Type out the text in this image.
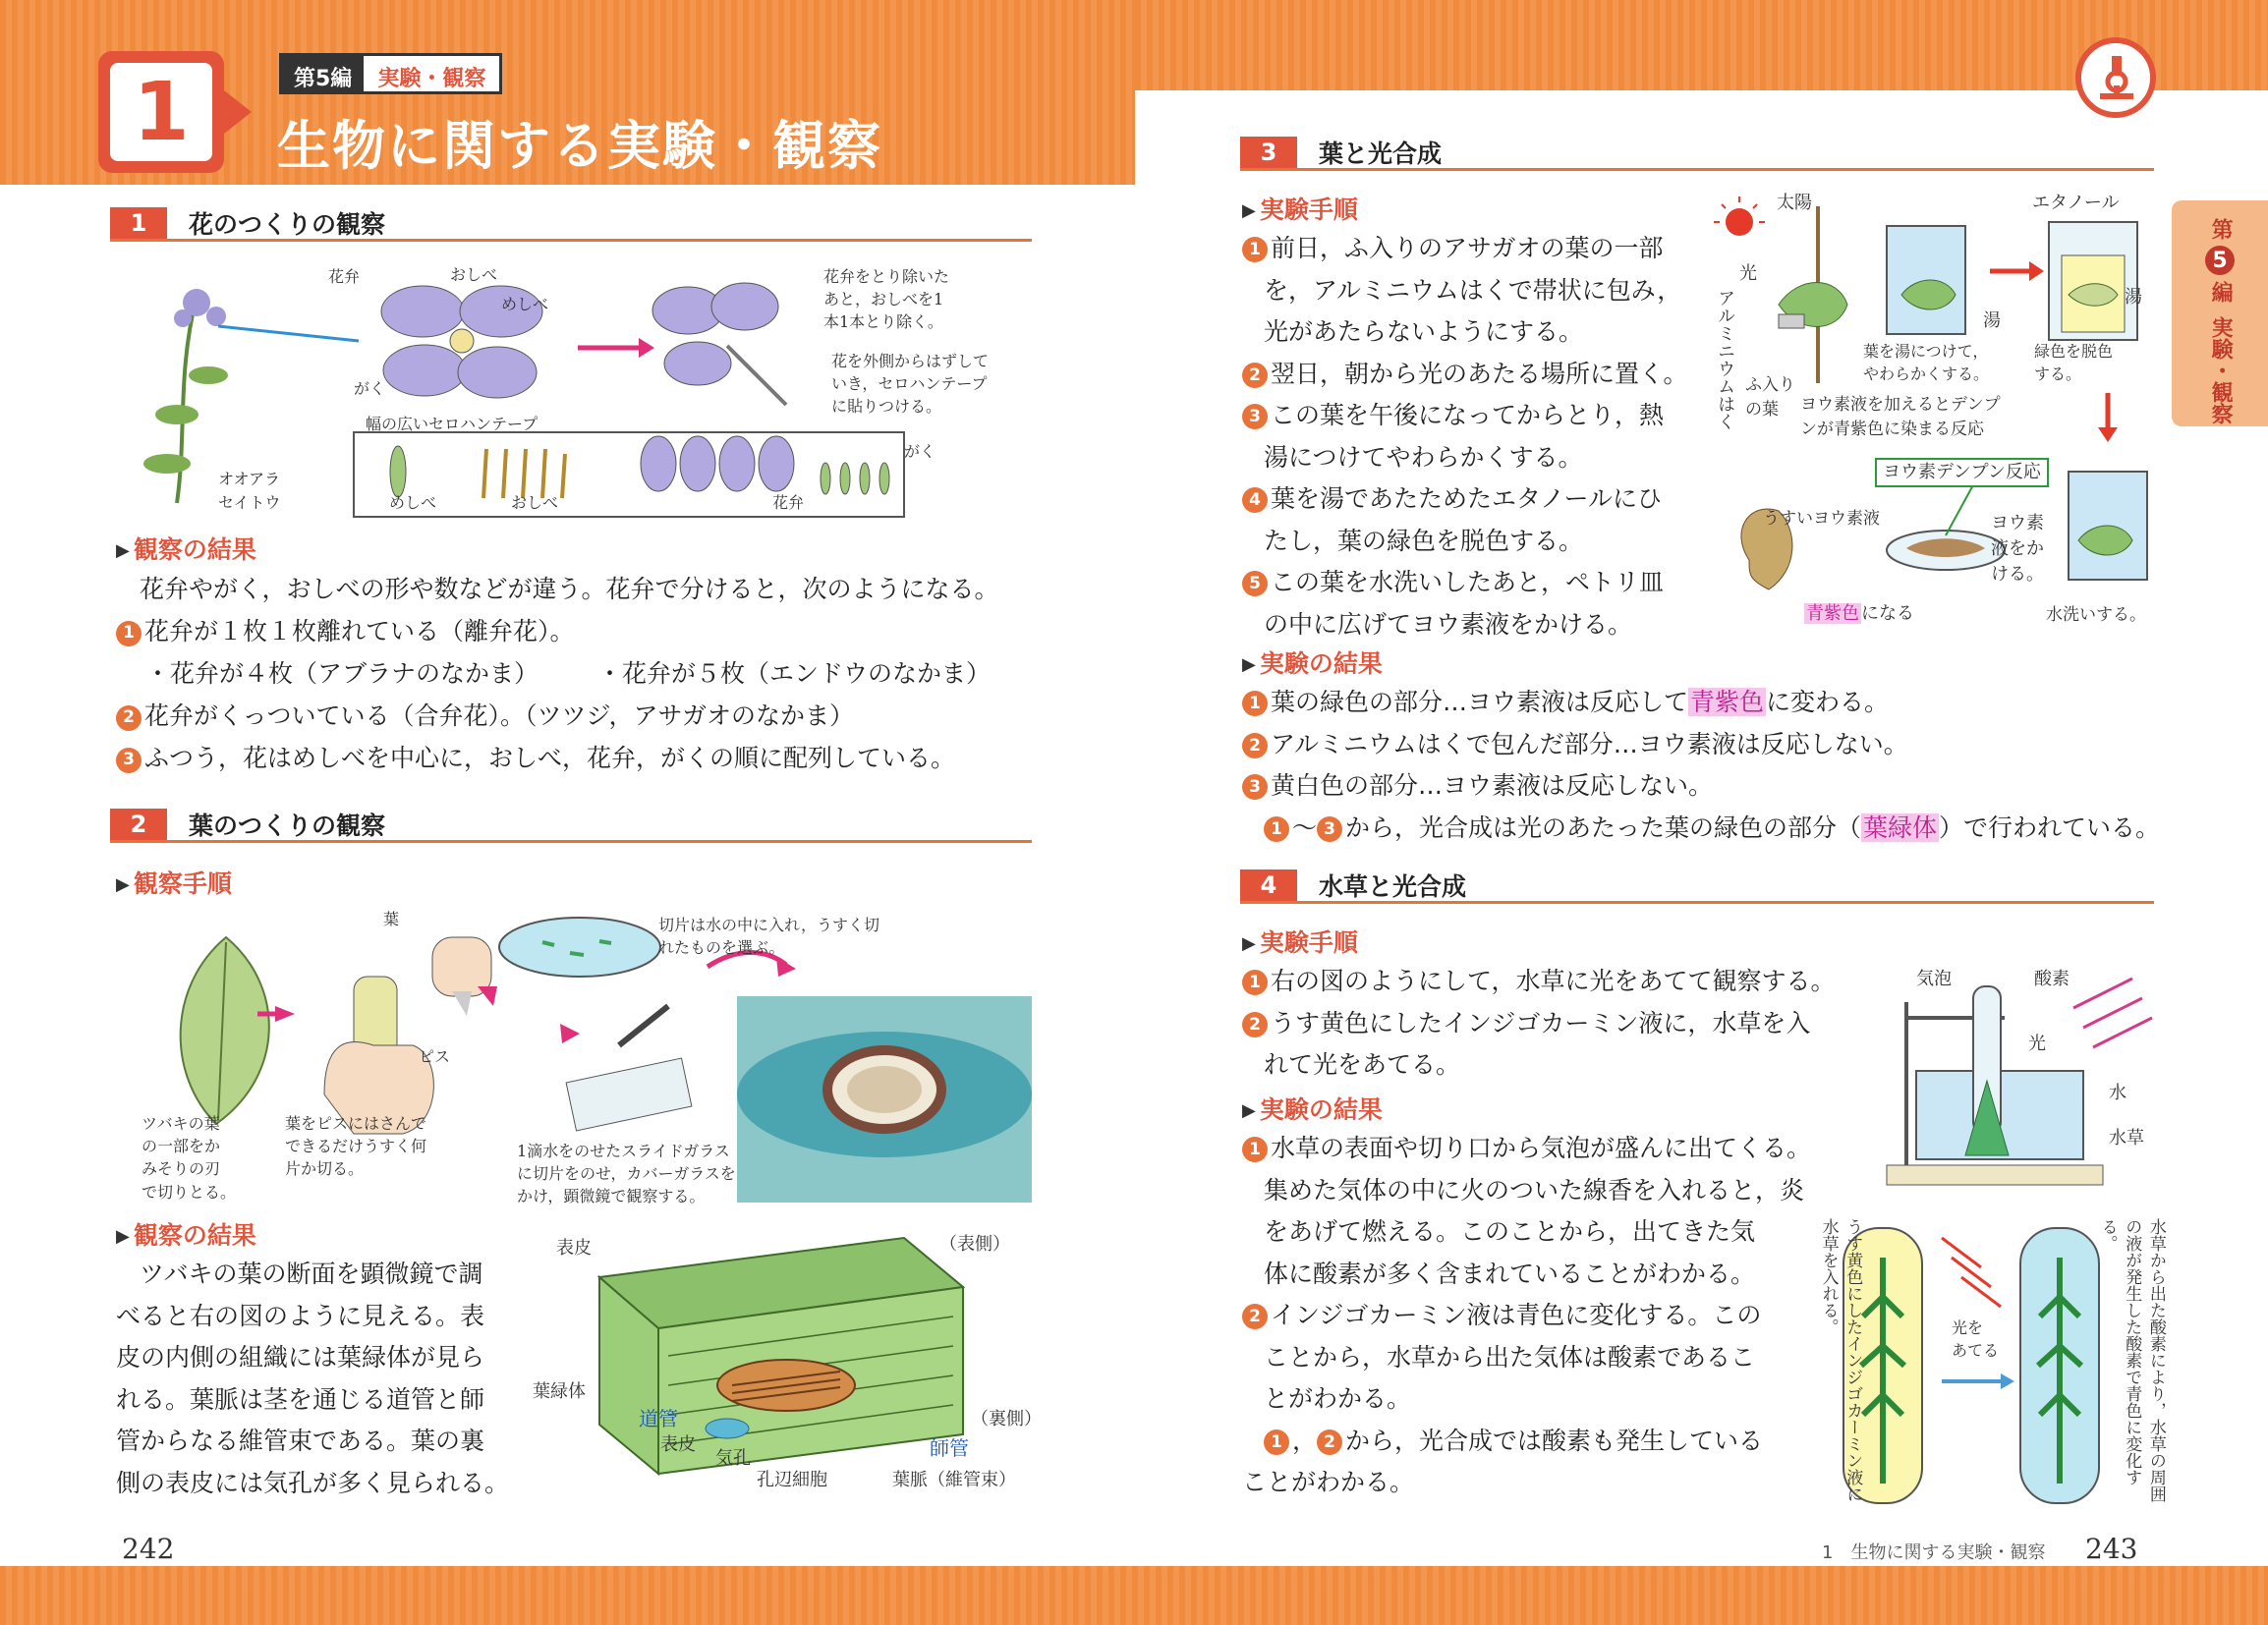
1	第5編	実験・観察
生物に関する実験・観察
第
5
編
実験・観察
1	花のつくりの観察
花弁	おしべ
めしべ
がく
幅の広いセロハンテープ
オオアラ
セイトウ
花弁をとり除いた
あと，おしべを1
本1本とり除く。
花を外側からはずして
いき，セロハンテープ
に貼りつける。
めしべ	おしべ	花弁
がく
▶ 観察の結果
花弁やがく，おしべの形や数などが違う。花弁で分けると，次のようになる。
1 花弁が１枚１枚離れている（離弁花）。
・花弁が４枚（アブラナのなかま） ・花弁が５枚（エンドウのなかま）
2 花弁がくっついている（合弁花）。（ツツジ，アサガオのなかま）
3 ふつう，花はめしべを中心に，おしべ，花弁，がくの順に配列している。
2	葉のつくりの観察
▶ 観察手順
葉
ピス
ツバキの葉
の一部をか
みそりの刃
で切りとる。
葉をピスにはさんで
できるだけうすく何
片か切る。
切片は水の中に入れ，うすく切
れたものを選ぶ。
1滴水をのせたスライドガラス
に切片をのせ，カバーガラスを
かけ，顕微鏡で観察する。
▶ 観察の結果
ツバキの葉の断面を顕微鏡で調
べると右の図のように見える。表
皮の内側の組織には葉緑体が見ら
れる。葉脈は茎を通じる道管と師
管からなる維管束である。葉の裏
側の表皮には気孔が多く見られる。
表皮	（表側）
（裏側）
葉緑体
道管
師管
表皮
気孔
孔辺細胞	葉脈（維管束）
3	葉と光合成
▶ 実験手順
1 前日，ふ入りのアサガオの葉の一部
を，アルミニウムはくで帯状に包み，
光があたらないようにする。
2 翌日，朝から光のあたる場所に置く。
3 この葉を午後になってからとり，熱
湯につけてやわらかくする。
4 葉を湯であたためたエタノールにひ
たし，葉の緑色を脱色する。
5 この葉を水洗いしたあと，ペトリ皿
の中に広げてヨウ素液をかける。
太陽
光
アルミニウムはく ふ入りの葉
湯
エタノール
湯
葉を湯につけて，
やわらかくする。
緑色を脱色
する。
ヨウ素液を加えるとデンプ
ンが青紫色に染まる反応
ヨウ素デンプン反応
うすいヨウ素液	ヨウ素
液をか
ける。
青紫色 になる	水洗いする。
▶ 実験の結果
1 葉の緑色の部分…ヨウ素液は反応して青紫色に変わる。
2 アルミニウムはくで包んだ部分…ヨウ素液は反応しない。
3 黄白色の部分…ヨウ素液は反応しない。
1 〜 3 から，光合成は光のあたった葉の緑色の部分（葉緑体）で行われている。
4	水草と光合成
▶ 実験手順
1 右の図のようにして，水草に光をあてて観察する。
2 うす黄色にしたインジゴカーミン液に，水草を入
れて光をあてる。
▶ 実験の結果
1 水草の表面や切り口から気泡が盛んに出てくる。
集めた気体の中に火のついた線香を入れると，炎
をあげて燃える。このことから，出てきた気
体に酸素が多く含まれていることがわかる。
2 インジゴカーミン液は青色に変化する。この
ことから，水草から出た気体は酸素であるこ
とがわかる。
1 ， 2 から，光合成では酸素も発生している
ことがわかる。
気泡	酸素
光
水
水草
光を
あてる
うす黄色にしたインジゴカーミン液に水草を入れる。	水草から出た酸素により，水草の周囲の液が発生した酸素で青色に変化する。
242	1　生物に関する実験・観察 243
